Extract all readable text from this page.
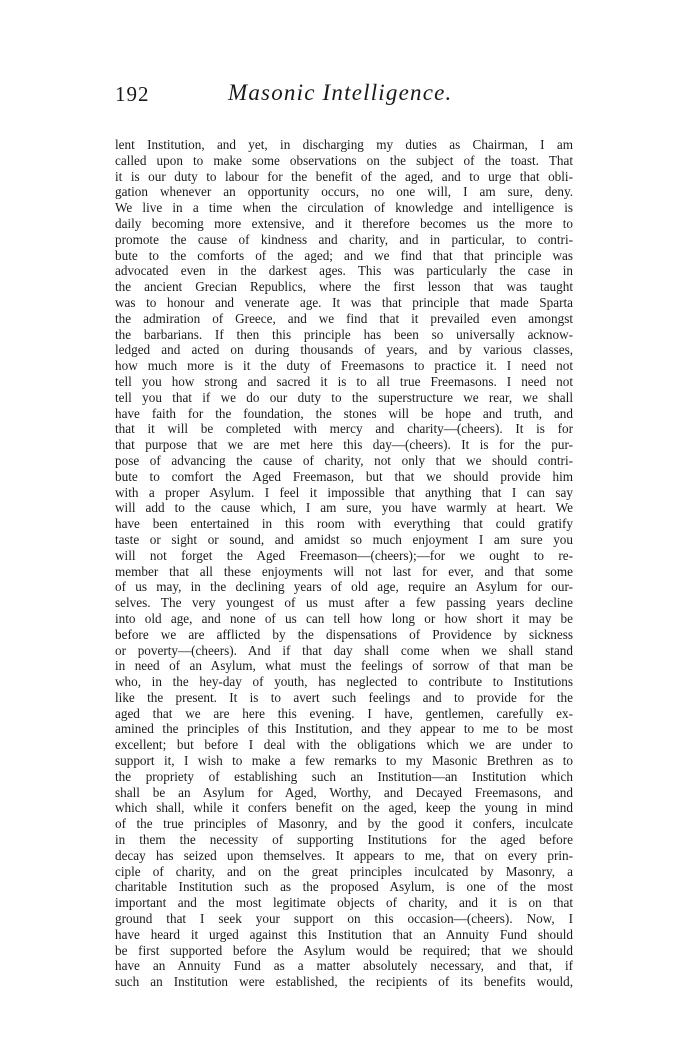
192	Masonic Intelligence.
lent Institution, and yet, in discharging my duties as Chairman, I am
called upon to make some observations on the subject of the toast. That
it is our duty to labour for the benefit of the aged, and to urge that obli-
gation whenever an opportunity occurs, no one will, I am sure, deny.
We live in a time when the circulation of knowledge and intelligence is
daily becoming more extensive, and it therefore becomes us the more to
promote the cause of kindness and charity, and in particular, to contri-
bute to the comforts of the aged; and we find that that principle was
advocated even in the darkest ages. This was particularly the case in
the ancient Grecian Republics, where the first lesson that was taught
was to honour and venerate age. It was that principle that made Sparta
the admiration of Greece, and we find that it prevailed even amongst
the barbarians. If then this principle has been so universally acknow-
ledged and acted on during thousands of years, and by various classes,
how much more is it the duty of Freemasons to practice it. I need not
tell you how strong and sacred it is to all true Freemasons. I need not
tell you that if we do our duty to the superstructure we rear, we shall
have faith for the foundation, the stones will be hope and truth, and
that it will be completed with mercy and charity—(cheers). It is for
that purpose that we are met here this day—(cheers). It is for the pur-
pose of advancing the cause of charity, not only that we should contri-
bute to comfort the Aged Freemason, but that we should provide him
with a proper Asylum. I feel it impossible that anything that I can say
will add to the cause which, I am sure, you have warmly at heart. We
have been entertained in this room with everything that could gratify
taste or sight or sound, and amidst so much enjoyment I am sure you
will not forget the Aged Freemason—(cheers);—for we ought to re-
member that all these enjoyments will not last for ever, and that some
of us may, in the declining years of old age, require an Asylum for our-
selves. The very youngest of us must after a few passing years decline
into old age, and none of us can tell how long or how short it may be
before we are afflicted by the dispensations of Providence by sickness
or poverty—(cheers). And if that day shall come when we shall stand
in need of an Asylum, what must the feelings of sorrow of that man be
who, in the hey-day of youth, has neglected to contribute to Institutions
like the present. It is to avert such feelings and to provide for the
aged that we are here this evening. I have, gentlemen, carefully ex-
amined the principles of this Institution, and they appear to me to be most
excellent; but before I deal with the obligations which we are under to
support it, I wish to make a few remarks to my Masonic Brethren as to
the propriety of establishing such an Institution—an Institution which
shall be an Asylum for Aged, Worthy, and Decayed Freemasons, and
which shall, while it confers benefit on the aged, keep the young in mind
of the true principles of Masonry, and by the good it confers, inculcate
in them the necessity of supporting Institutions for the aged before
decay has seized upon themselves. It appears to me, that on every prin-
ciple of charity, and on the great principles inculcated by Masonry, a
charitable Institution such as the proposed Asylum, is one of the most
important and the most legitimate objects of charity, and it is on that
ground that I seek your support on this occasion—(cheers). Now, I
have heard it urged against this Institution that an Annuity Fund should
be first supported before the Asylum would be required; that we should
have an Annuity Fund as a matter absolutely necessary, and that, if
such an Institution were established, the recipients of its benefits would,
